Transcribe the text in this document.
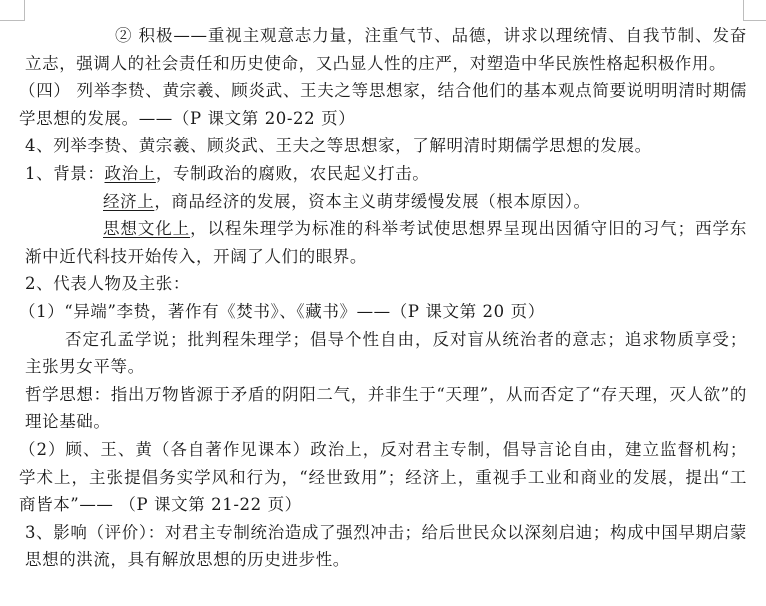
② 积极——重视主观意志力量，注重气节、品德，讲求以理统情、自我节制、发奋立志，强调人的社会责任和历史使命，又凸显人性的庄严，对塑造中华民族性格起积极作用。

（四） 列举李贽、黄宗羲、顾炎武、王夫之等思想家，结合他们的基本观点简要说明明清时期儒学思想的发展。——（P 课文第 20-22 页）

4、列举李贽、黄宗羲、顾炎武、王夫之等思想家，了解明清时期儒学思想的发展。

1、背景：政治上，专制政治的腐败，农民起义打击。

经济上，商品经济的发展，资本主义萌芽缓慢发展（根本原因）。

思想文化上，以程朱理学为标准的科举考试使思想界呈现出因循守旧的习气；西学东渐中近代科技开始传入，开阔了人们的眼界。

2、代表人物及主张：

（1）“异端”李贽，著作有《焚书》、《藏书》——（P 课文第 20 页）

否定孔孟学说；批判程朱理学；倡导个性自由，反对盲从统治者的意志；追求物质享受；主张男女平等。

哲学思想：指出万物皆源于矛盾的阴阳二气，并非生于“天理”，从而否定了“存天理，灭人欲”的理论基础。

（2）顾、王、黄（各自著作见课本）政治上，反对君主专制，倡导言论自由，建立监督机构；学术上，主张提倡务实学风和行为，“经世致用”；经济上，重视手工业和商业的发展，提出“工商皆本”—— （P 课文第 21-22 页）

3、影响（评价）：对君主专制统治造成了强烈冲击；给后世民众以深刻启迪；构成中国早期启蒙思想的洪流，具有解放思想的历史进步性。
